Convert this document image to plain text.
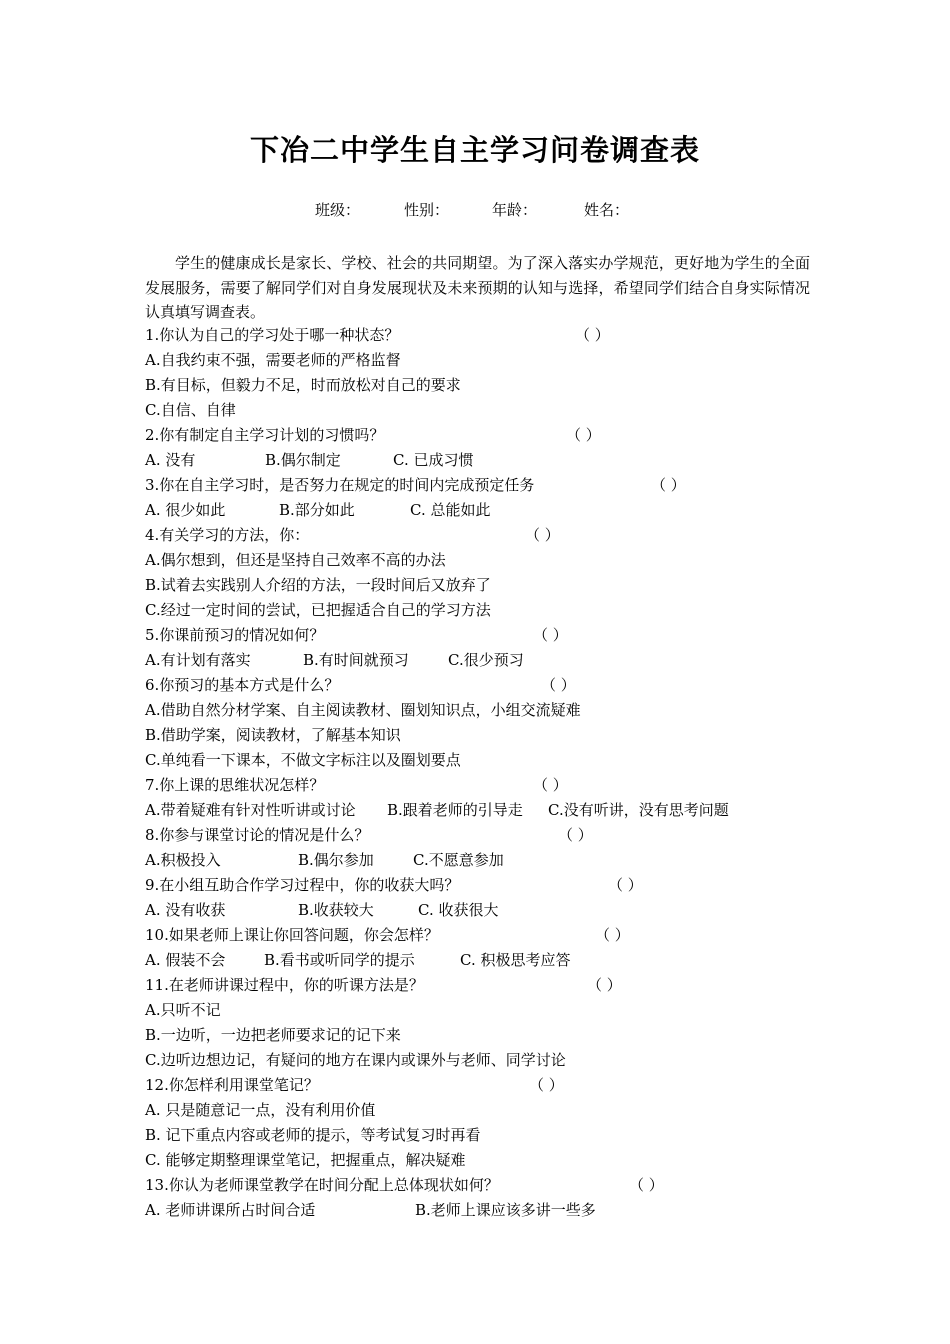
下冶二中学生自主学习问卷调查表
班级：	性别：	年龄：	姓名：
学生的健康成长是家长、学校、社会的共同期望。为了深入落实办学规范，更好地为学生的全面发展服务，需要了解同学们对自身发展现状及未来预期的认知与选择，希望同学们结合自身实际情况认真填写调查表。
1.你认为自己的学习处于哪一种状态？	（ ）
A.自我约束不强，需要老师的严格监督
B.有目标，但毅力不足，时而放松对自己的要求
C.自信、自律
2.你有制定自主学习计划的习惯吗？	（ ）
A. 没有	B.偶尔制定	C. 已成习惯
3.你在自主学习时，是否努力在规定的时间内完成预定任务	（ ）
A. 很少如此	B.部分如此	C. 总能如此
4.有关学习的方法，你：	（ ）
A.偶尔想到，但还是坚持自己效率不高的办法
B.试着去实践别人介绍的方法，一段时间后又放弃了
C.经过一定时间的尝试，已把握适合自己的学习方法
5.你课前预习的情况如何？	（ ）
A.有计划有落实	B.有时间就预习	C.很少预习
6.你预习的基本方式是什么？	（ ）
A.借助自然分材学案、自主阅读教材、圈划知识点，小组交流疑难
B.借助学案，阅读教材，了解基本知识
C.单纯看一下课本，不做文字标注以及圈划要点
7.你上课的思维状况怎样？	（ ）
A.带着疑难有针对性听讲或讨论 B.跟着老师的引导走 C.没有听讲，没有思考问题
8.你参与课堂讨论的情况是什么？	（ ）
A.积极投入	B.偶尔参加	C.不愿意参加
9.在小组互助合作学习过程中，你的收获大吗？	（ ）
A. 没有收获	B.收获较大	C. 收获很大
10.如果老师上课让你回答问题，你会怎样？	（ ）
A. 假装不会	B.看书或听同学的提示	C. 积极思考应答
11.在老师讲课过程中，你的听课方法是？	（ ）
A.只听不记
B.一边听，一边把老师要求记的记下来
C.边听边想边记，有疑问的地方在课内或课外与老师、同学讨论
12.你怎样利用课堂笔记？	（ ）
A. 只是随意记一点，没有利用价值
B. 记下重点内容或老师的提示，等考试复习时再看
C. 能够定期整理课堂笔记，把握重点，解决疑难
13.你认为老师课堂教学在时间分配上总体现状如何？	（ ）
A. 老师讲课所占时间合适	B.老师上课应该多讲一些多
